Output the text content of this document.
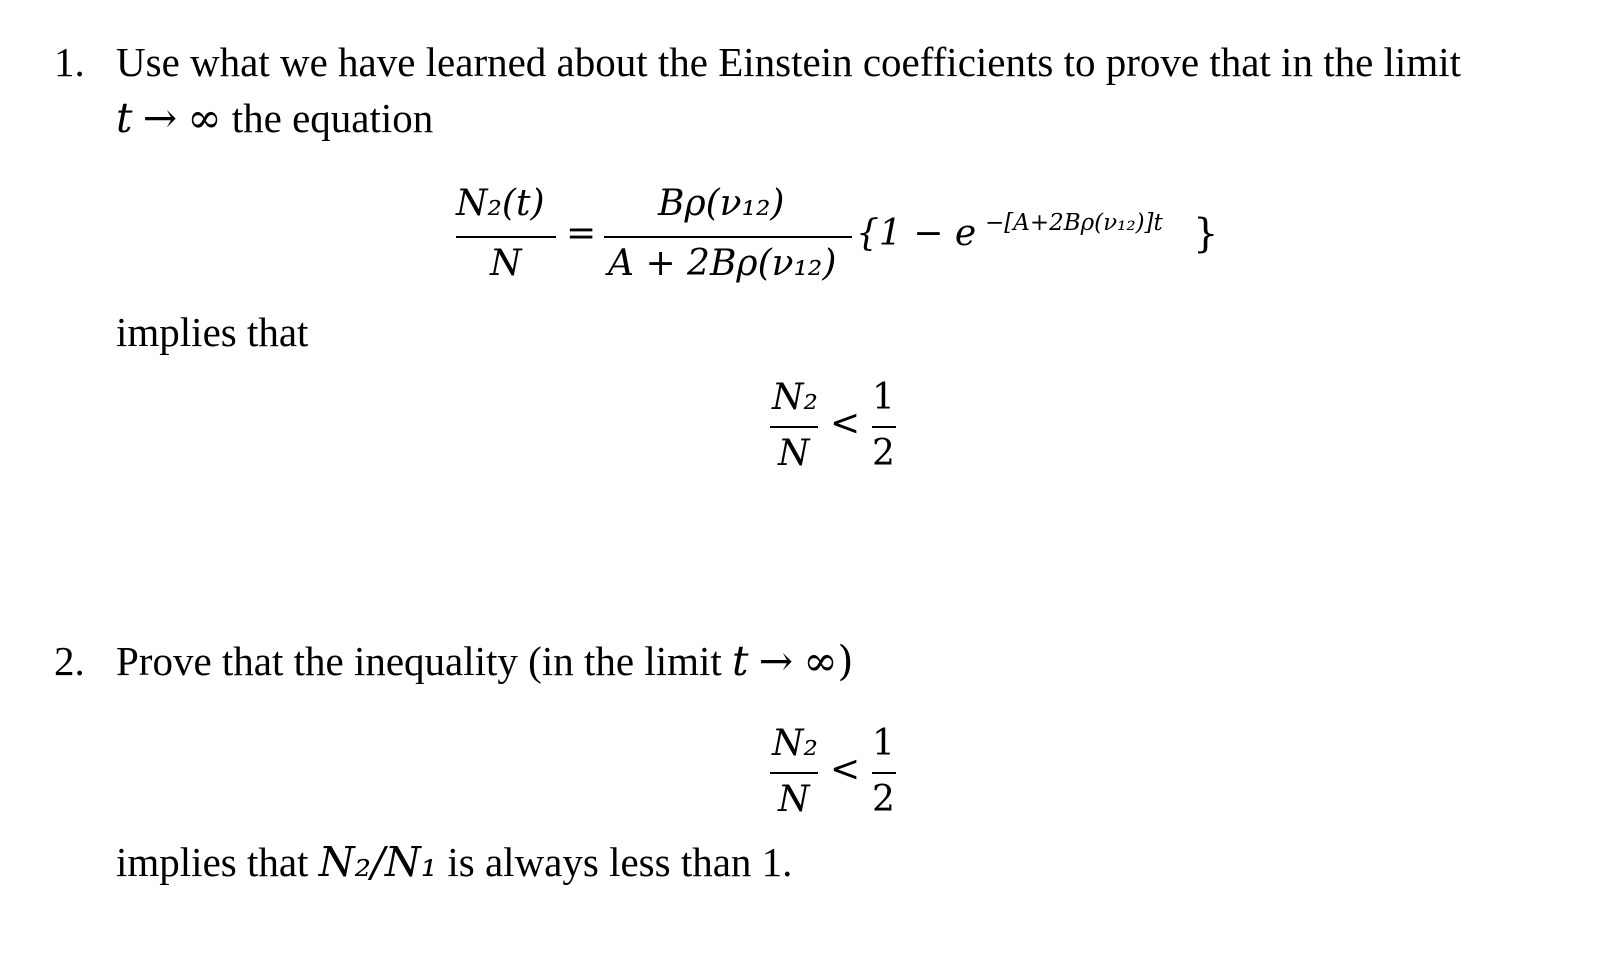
1. Use what we have learned about the Einstein coefficients to prove that in the limit
t → ∞ the equation
N₂(t)
N
=
Bρ(ν₁₂)
A + 2Bρ(ν₁₂)
{1 − e −[A+2Bρ(ν₁₂)]t }
implies that
N₂
N
<
1
2
2. Prove that the inequality (in the limit t → ∞)
N₂
N
<
1
2
implies that N₂/N₁ is always less than 1.
